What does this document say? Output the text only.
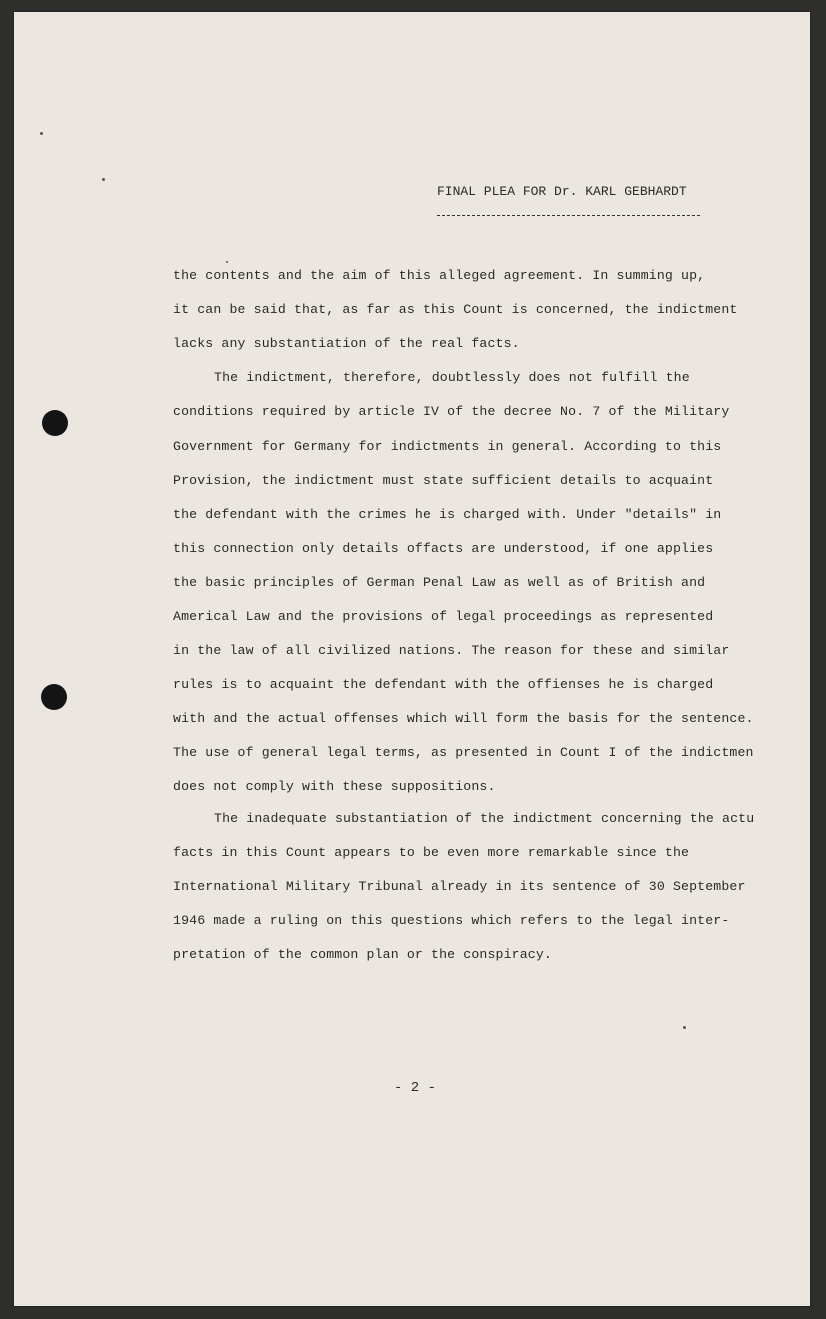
FINAL PLEA FOR Dr. KARL GEBHARDT
the contents and the aim of this alleged agreement. In summing up,
it can be said that, as far as this Count is concerned, the indictment
lacks any substantiation of the real facts.
The indictment, therefore, doubtlessly does not fulfill the
conditions required by article IV of the decree No. 7 of the Military
Government for Germany for indictments in general. According to this
Provision, the indictment must state sufficient details to acquaint
the defendant with the crimes he is charged with. Under "details" in
this connection only details offacts are understood, if one applies
the basic principles of German Penal Law as well as of British and
Americal Law and the provisions of legal proceedings as represented
in the law of all civilized nations. The reason for these and similar
rules is to acquaint the defendant with the offienses he is charged
with and the actual offenses which will form the basis for the sentence.
The use of general legal terms, as presented in Count I of the indictmen
does not comply with these suppositions.
The inadequate substantiation of the indictment concerning the actu
facts in this Count appears to be even more remarkable since the
International Military Tribunal already in its sentence of 30 September
1946 made a ruling on this questions which refers to the legal inter-
pretation of the common plan or the conspiracy.
- 2 -
